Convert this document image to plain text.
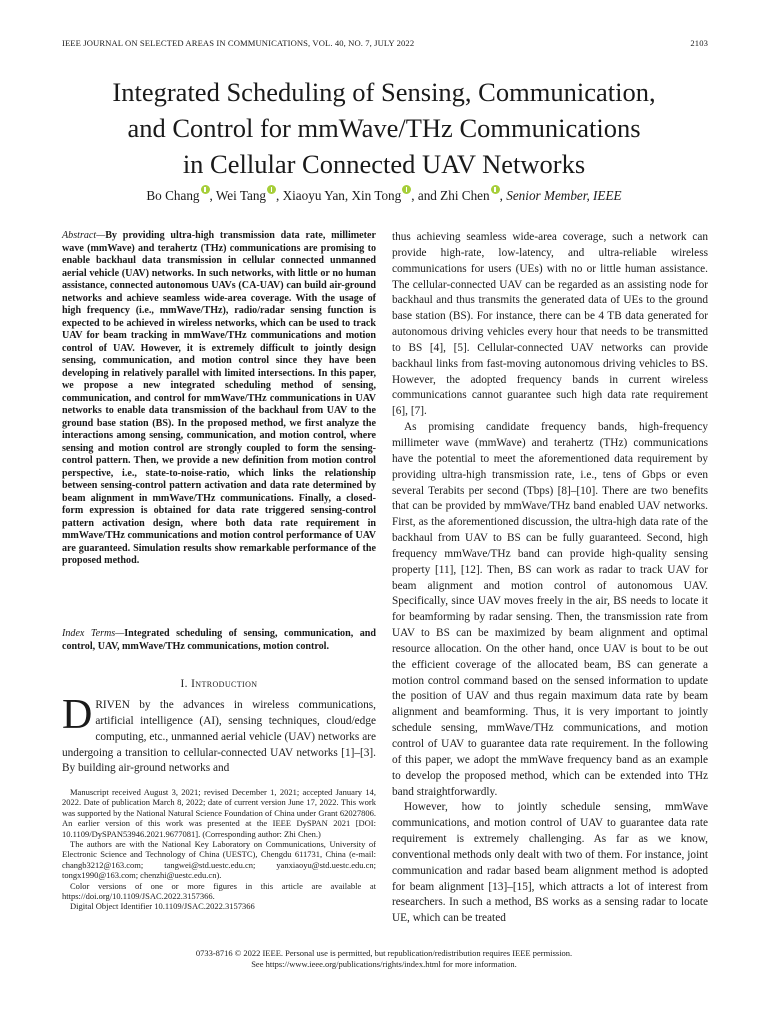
IEEE JOURNAL ON SELECTED AREAS IN COMMUNICATIONS, VOL. 40, NO. 7, JULY 2022	2103
Integrated Scheduling of Sensing, Communication,
and Control for mmWave/THz Communications
in Cellular Connected UAV Networks
Bo Chang , Wei Tang , Xiaoyu Yan, Xin Tong , and Zhi Chen , Senior Member, IEEE
Abstract—By providing ultra-high transmission data rate, millimeter wave (mmWave) and terahertz (THz) communications are promising to enable backhaul data transmission in cellular connected unmanned aerial vehicle (UAV) networks. In such networks, with little or no human assistance, connected autonomous UAVs (CA-UAV) can build air-ground networks and achieve seamless wide-area coverage. With the usage of high frequency (i.e., mmWave/THz), radio/radar sensing function is expected to be achieved in wireless networks, which can be used to track UAV for beam tracking in mmWave/THz communications and motion control of UAV. However, it is extremely difficult to jointly design sensing, communication, and motion control since they have been developing in relatively parallel with limited intersections. In this paper, we propose a new integrated scheduling method of sensing, communication, and control for mmWave/THz communications in UAV networks to enable data transmission of the backhaul from UAV to the ground base station (BS). In the proposed method, we first analyze the interactions among sensing, communication, and motion control, where sensing and motion control are strongly coupled to form the sensing-control pattern. Then, we provide a new definition from motion control perspective, i.e., state-to-noise-ratio, which links the relationship between sensing-control pattern activation and data rate determined by beam alignment in mmWave/THz communications. Finally, a closed-form expression is obtained for data rate triggered sensing-control pattern activation design, where both data rate requirement in mmWave/THz communications and motion control performance of UAV are guaranteed. Simulation results show remarkable performance of the proposed method.
Index Terms—Integrated scheduling of sensing, communication, and control, UAV, mmWave/THz communications, motion control.
I. Introduction
DRIVEN by the advances in wireless communications, artificial intelligence (AI), sensing techniques, cloud/edge computing, etc., unmanned aerial vehicle (UAV) networks are undergoing a transition to cellular-connected UAV networks [1]–[3]. By building air-ground networks and

Manuscript received August 3, 2021; revised December 1, 2021; accepted January 14, 2022. Date of publication March 8, 2022; date of current version June 17, 2022. This work was supported by the National Natural Science Foundation of China under Grant 62027806. An earlier version of this work was presented at the IEEE DySPAN 2021 [DOI: 10.1109/DySPAN53946.2021.9677081]. (Corresponding author: Zhi Chen.)

The authors are with the National Key Laboratory on Communications, University of Electronic Science and Technology of China (UESTC), Chengdu 611731, China (e-mail: changb3212@163.com; tangwei@std.uestc.edu.cn; yanxiaoyu@std.uestc.edu.cn; tongx1990@163.com; chenzhi@uestc.edu.cn).

Color versions of one or more figures in this article are available at https://doi.org/10.1109/JSAC.2022.3157366.

Digital Object Identifier 10.1109/JSAC.2022.3157366

thus achieving seamless wide-area coverage, such a network can provide high-rate, low-latency, and ultra-reliable wireless communications for users (UEs) with no or little human assistance. The cellular-connected UAV can be regarded as an assisting node for backhaul and thus transmits the generated data of UEs to the ground base station (BS). For instance, there can be 4 TB data generated for autonomous driving vehicles every hour that needs to be transmitted to BS [4], [5]. Cellular-connected UAV networks can provide backhaul links from fast-moving autonomous driving vehicles to BS. However, the adopted frequency bands in current wireless communications cannot guarantee such high data rate requirement [6], [7].

As promising candidate frequency bands, high-frequency millimeter wave (mmWave) and terahertz (THz) communications have the potential to meet the aforementioned data requirement by providing ultra-high transmission rate, i.e., tens of Gbps or even several Terabits per second (Tbps) [8]–[10]. There are two benefits that can be provided by mmWave/THz band enabled UAV networks. First, as the aforementioned discussion, the ultra-high data rate of the backhaul from UAV to BS can be fully guaranteed. Second, high frequency mmWave/THz band can provide high-quality sensing property [11], [12]. Then, BS can work as radar to track UAV for beam alignment and motion control of autonomous UAV. Specifically, since UAV moves freely in the air, BS needs to locate it for beamforming by radar sensing. Then, the transmission rate from UAV to BS can be maximized by beam alignment and optimal resource allocation. On the other hand, once UAV is bout to be out the efficient coverage of the allocated beam, BS can generate a motion control command based on the sensed information to update the position of UAV and thus regain maximum data rate by beam alignment and beamforming. Thus, it is very important to jointly schedule sensing, mmWave/THz communications, and motion control of UAV to guarantee data rate requirement. In the following of this paper, we adopt the mmWave frequency band as an example to develop the proposed method, which can be extended into THz band straightforwardly.

However, how to jointly schedule sensing, mmWave communications, and motion control of UAV to guarantee data rate requirement is extremely challenging. As far as we know, conventional methods only dealt with two of them. For instance, joint communication and radar based beam alignment method is adopted for beam alignment [13]–[15], which attracts a lot of interest from researchers. In such a method, BS works as a sensing radar to locate UE, which can be treated

0733-8716 © 2022 IEEE. Personal use is permitted, but republication/redistribution requires IEEE permission.
See https://www.ieee.org/publications/rights/index.html for more information.
